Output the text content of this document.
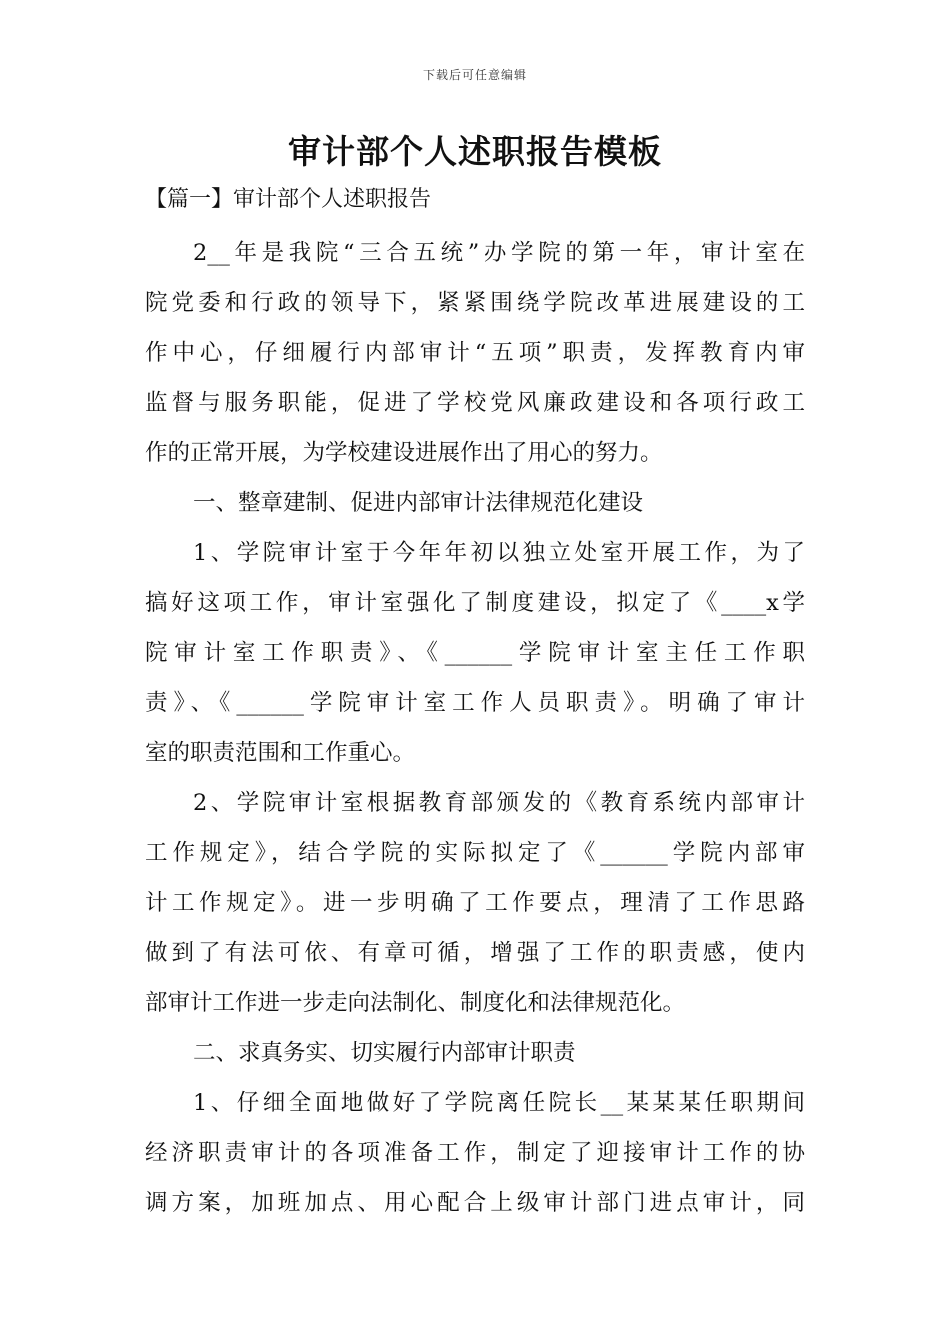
下载后可任意编辑
审计部个人述职报告模板
【篇一】审计部个人述职报告
2__年是我院“三合五统”办学院的第一年，审计室在
院党委和行政的领导下，紧紧围绕学院改革进展建设的工
作中心，仔细履行内部审计“五项”职责，发挥教育内审
监督与服务职能，促进了学校党风廉政建设和各项行政工
作的正常开展，为学校建设进展作出了用心的努力。
一、整章建制、促进内部审计法律规范化建设
1、学院审计室于今年年初以独立处室开展工作，为了
搞好这项工作，审计室强化了制度建设，拟定了《____x学
院审计室工作职责》、《______学院审计室主任工作职
责》、《______学院审计室工作人员职责》。明确了审计
室的职责范围和工作重心。
2、学院审计室根据教育部颁发的《教育系统内部审计
工作规定》，结合学院的实际拟定了《______学院内部审
计工作规定》。进一步明确了工作要点，理清了工作思路
做到了有法可依、有章可循，增强了工作的职责感，使内
部审计工作进一步走向法制化、制度化和法律规范化。
二、求真务实、切实履行内部审计职责
1、仔细全面地做好了学院离任院长__某某某任职期间
经济职责审计的各项准备工作，制定了迎接审计工作的协
调方案，加班加点、用心配合上级审计部门进点审计，同
